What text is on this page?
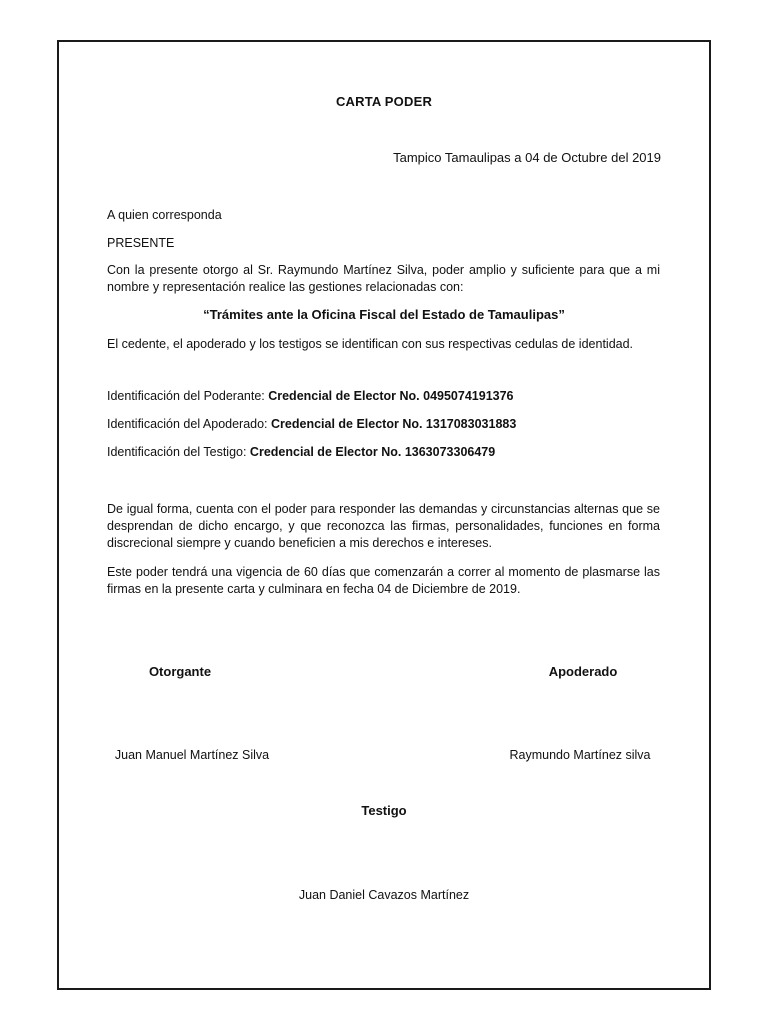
CARTA PODER
Tampico Tamaulipas a 04 de Octubre del 2019
A quien corresponda
PRESENTE
Con la presente otorgo al Sr. Raymundo Martínez Silva, poder amplio y suficiente para que a mi nombre y representación realice las gestiones relacionadas con:
“Trámites ante la Oficina Fiscal del Estado de Tamaulipas”
El cedente, el apoderado y los testigos se identifican con sus respectivas cedulas de identidad.
Identificación del Poderante: Credencial de Elector No. 0495074191376
Identificación del Apoderado: Credencial de Elector No. 1317083031883
Identificación del Testigo: Credencial de Elector No. 1363073306479
De igual forma, cuenta con el poder para responder las demandas y circunstancias alternas que se desprendan de dicho encargo, y que reconozca las firmas, personalidades, funciones en forma discrecional siempre y cuando beneficien a mis derechos e intereses.
Este poder tendrá una vigencia de 60 días que comenzarán a correr al momento de plasmarse las firmas en la presente carta y culminara en fecha 04 de Diciembre de 2019.
Otorgante	Apoderado
Juan Manuel Martínez Silva	Raymundo Martínez silva
Testigo
Juan Daniel Cavazos Martínez
